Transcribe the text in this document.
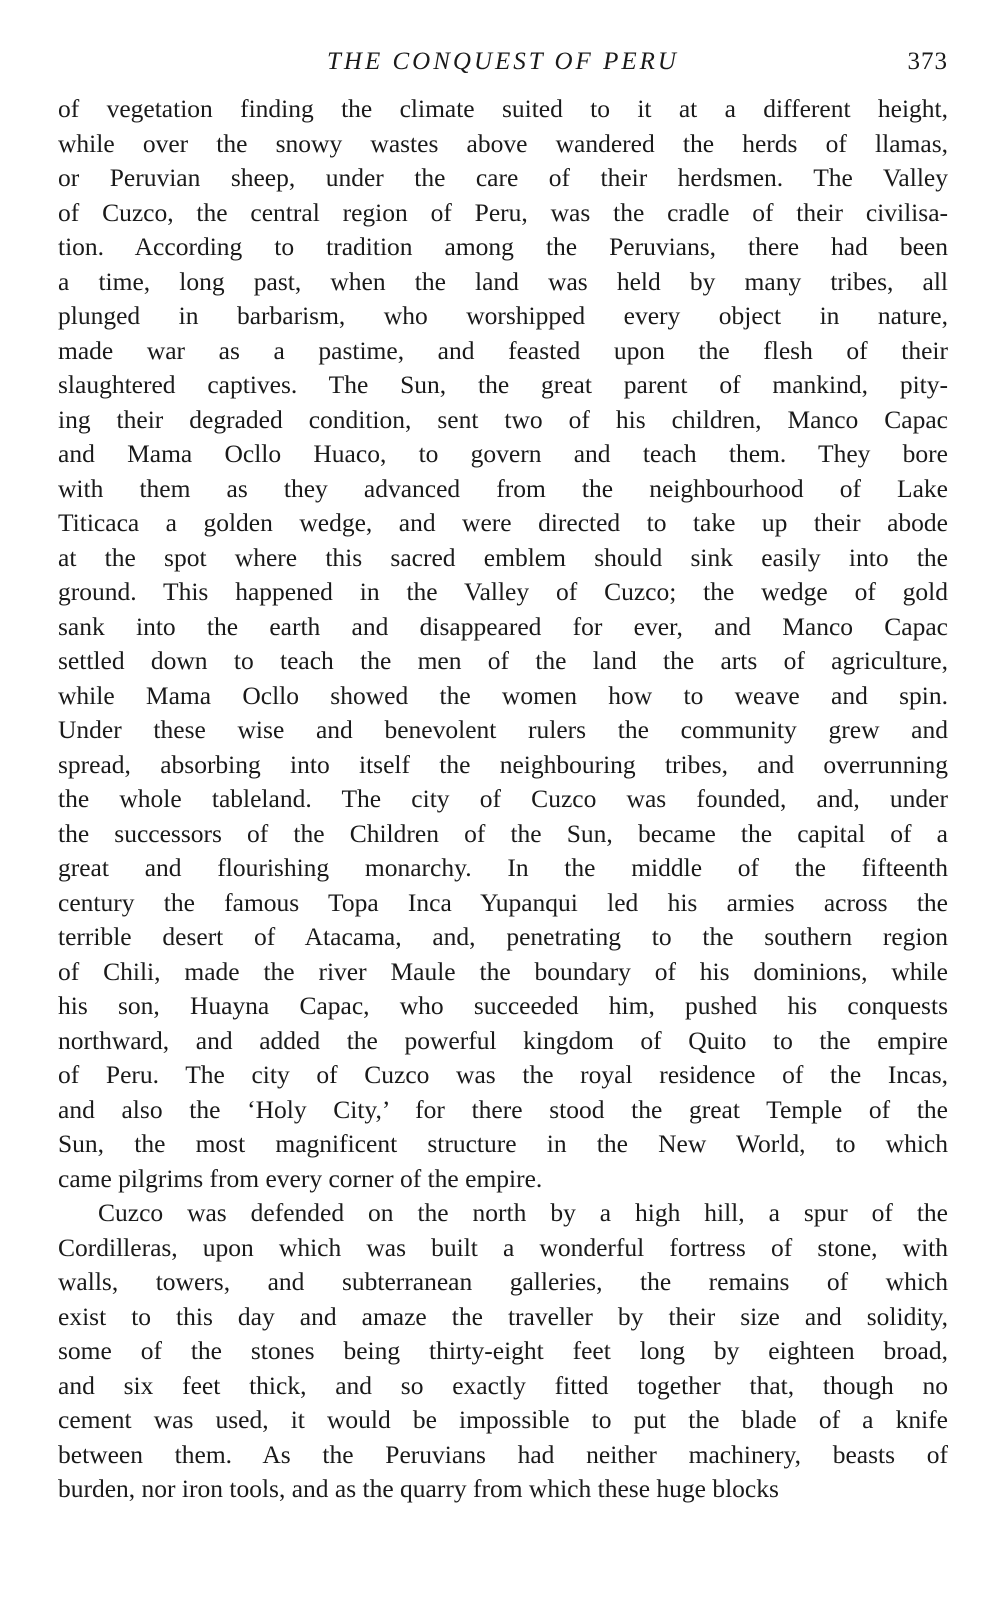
THE CONQUEST OF PERU	373

of vegetation finding the climate suited to it at a different height,
while over the snowy wastes above wandered the herds of llamas,
or Peruvian sheep, under the care of their herdsmen. The Valley
of Cuzco, the central region of Peru, was the cradle of their civilisa-
tion. According to tradition among the Peruvians, there had been
a time, long past, when the land was held by many tribes, all
plunged in barbarism, who worshipped every object in nature,
made war as a pastime, and feasted upon the flesh of their
slaughtered captives. The Sun, the great parent of mankind, pity-
ing their degraded condition, sent two of his children, Manco Capac
and Mama Ocllo Huaco, to govern and teach them. They bore
with them as they advanced from the neighbourhood of Lake
Titicaca a golden wedge, and were directed to take up their abode
at the spot where this sacred emblem should sink easily into the
ground. This happened in the Valley of Cuzco; the wedge of gold
sank into the earth and disappeared for ever, and Manco Capac
settled down to teach the men of the land the arts of agriculture,
while Mama Ocllo showed the women how to weave and spin.
Under these wise and benevolent rulers the community grew and
spread, absorbing into itself the neighbouring tribes, and overrunning
the whole tableland. The city of Cuzco was founded, and, under
the successors of the Children of the Sun, became the capital of a
great and flourishing monarchy. In the middle of the fifteenth
century the famous Topa Inca Yupanqui led his armies across the
terrible desert of Atacama, and, penetrating to the southern region
of Chili, made the river Maule the boundary of his dominions, while
his son, Huayna Capac, who succeeded him, pushed his conquests
northward, and added the powerful kingdom of Quito to the empire
of Peru. The city of Cuzco was the royal residence of the Incas,
and also the ‘Holy City,’ for there stood the great Temple of the
Sun, the most magnificent structure in the New World, to which
came pilgrims from every corner of the empire.

Cuzco was defended on the north by a high hill, a spur of the
Cordilleras, upon which was built a wonderful fortress of stone, with
walls, towers, and subterranean galleries, the remains of which
exist to this day and amaze the traveller by their size and solidity,
some of the stones being thirty-eight feet long by eighteen broad,
and six feet thick, and so exactly fitted together that, though no
cement was used, it would be impossible to put the blade of a knife
between them. As the Peruvians had neither machinery, beasts of
burden, nor iron tools, and as the quarry from which these huge blocks
